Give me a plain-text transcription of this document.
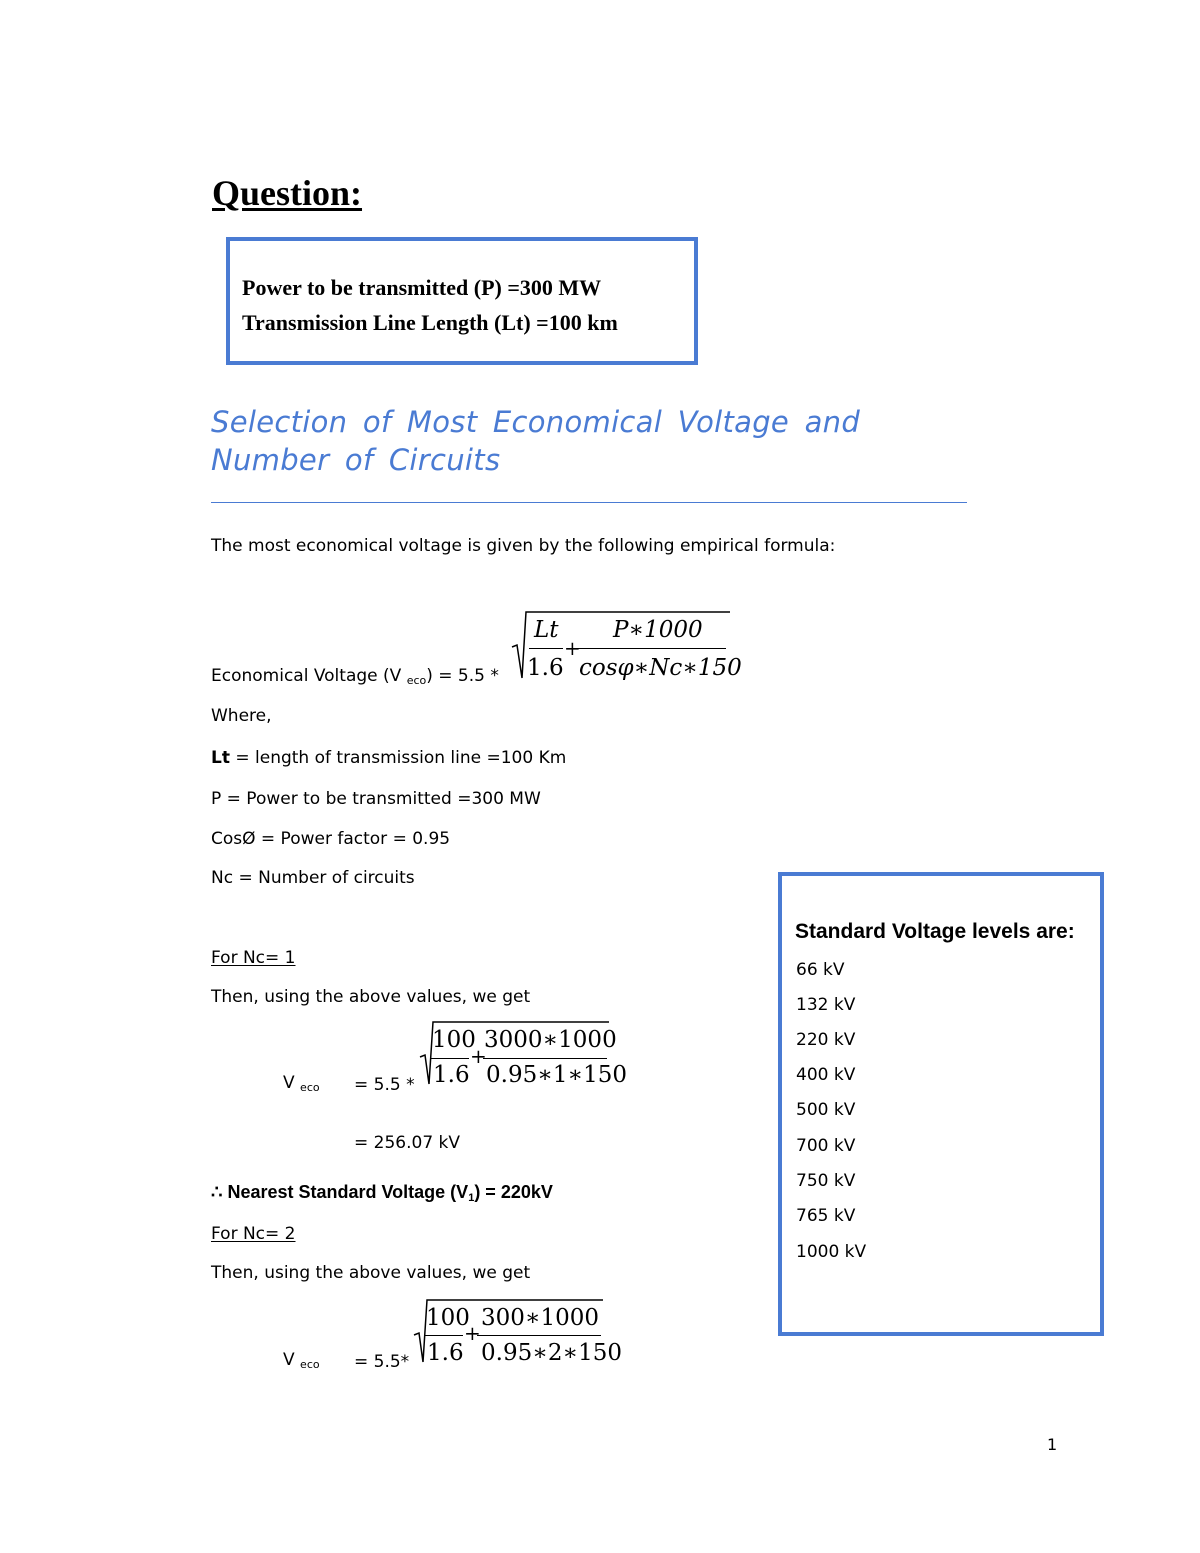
Question:
Power to be transmitted (P) =300 MW
Transmission Line Length (Lt) =100 km
Selection of Most Economical Voltage and Number of Circuits
The most economical voltage is given by the following empirical formula:
Economical Voltage (V $_{eco}$) = 5.5 *
Lt
1.6
+
P∗1000
cosφ∗Nc∗150
Where,
Lt = length of transmission line =100 Km
P = Power to be transmitted =300 MW
CosØ = Power factor = 0.95
Nc = Number of circuits
For Nc= 1
Then, using the above values, we get
V $_{eco}$ = 5.5 *
100
1.6
+
3000∗1000
0.95∗1∗150
= 256.07 kV
∴ Nearest Standard Voltage $(V_1) = 220kV$
For Nc= 2
Then, using the above values, we get
V $_{eco}$ = 5.5*
100
1.6
+
300∗1000
0.95∗2∗150
Standard Voltage levels are:
66 kV
132 kV
220 kV
400 kV
500 kV
700 kV
750 kV
765 kV
1000 kV
1
